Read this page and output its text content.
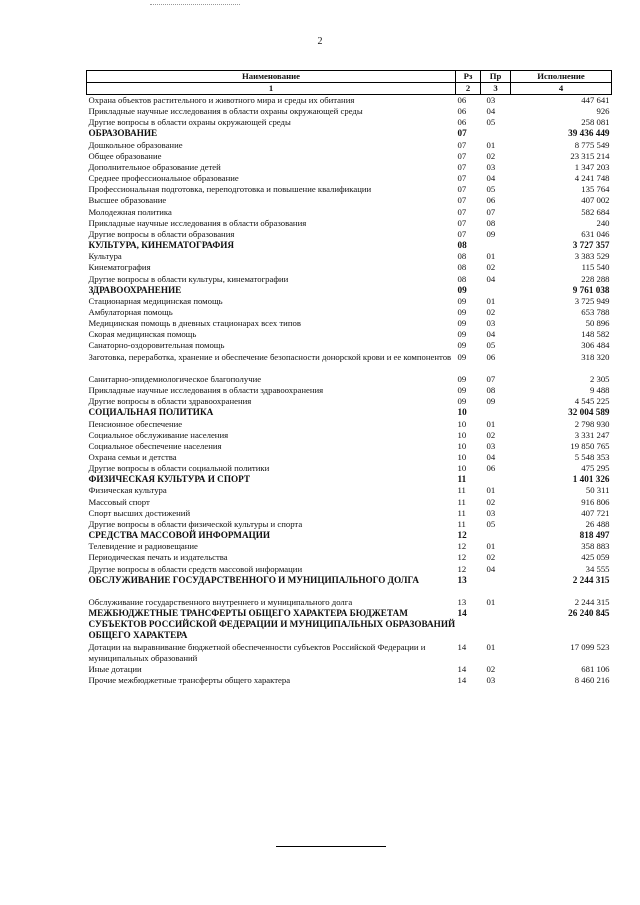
2
Наименование	Рз	Пр	Исполнение
1	2	3	4
Охрана объектов растительного и животного мира и среды их обитания	06	03	447 641
Прикладные научные исследования в области охраны окружающей среды	06	04	926
Другие вопросы в области охраны окружающей среды	06	05	258 081
ОБРАЗОВАНИЕ	07		39 436 449
Дошкольное образование	07	01	8 775 549
Общее образование	07	02	23 315 214
Дополнительное образование детей	07	03	1 347 203
Среднее профессиональное образование	07	04	4 241 748
Профессиональная подготовка, переподготовка и повышение квалификации	07	05	135 764
Высшее образование	07	06	407 002
Молодежная политика	07	07	582 684
Прикладные научные исследования в области образования	07	08	240
Другие вопросы в области образования	07	09	631 046
КУЛЬТУРА, КИНЕМАТОГРАФИЯ	08		3 727 357
Культура	08	01	3 383 529
Кинематография	08	02	115 540
Другие вопросы в области культуры, кинематографии	08	04	228 288
ЗДРАВООХРАНЕНИЕ	09		9 761 038
Стационарная медицинская помощь	09	01	3 725 949
Амбулаторная помощь	09	02	653 788
Медицинская помощь в дневных стационарах всех типов	09	03	50 896
Скорая медицинская помощь	09	04	148 582
Санаторно-оздоровительная помощь	09	05	306 484
Заготовка, переработка, хранение и обеспечение безопасности донорской крови и ее компонентов	09	06	318 320
Санитарно-эпидемиологическое благополучие	09	07	2 305
Прикладные научные исследования в области здравоохранения	09	08	9 488
Другие вопросы в области здравоохранения	09	09	4 545 225
СОЦИАЛЬНАЯ ПОЛИТИКА	10		32 004 589
Пенсионное обеспечение	10	01	2 798 930
Социальное обслуживание населения	10	02	3 331 247
Социальное обеспечение населения	10	03	19 850 765
Охрана семьи и детства	10	04	5 548 353
Другие вопросы в области социальной политики	10	06	475 295
ФИЗИЧЕСКАЯ КУЛЬТУРА И СПОРТ	11		1 401 326
Физическая культура	11	01	50 311
Массовый спорт	11	02	916 806
Спорт высших достижений	11	03	407 721
Другие вопросы в области физической культуры и спорта	11	05	26 488
СРЕДСТВА МАССОВОЙ ИНФОРМАЦИИ	12		818 497
Телевидение и радиовещание	12	01	358 883
Периодическая печать и издательства	12	02	425 059
Другие вопросы в области средств массовой информации	12	04	34 555
ОБСЛУЖИВАНИЕ ГОСУДАРСТВЕННОГО И МУНИЦИПАЛЬНОГО ДОЛГА	13		2 244 315
Обслуживание государственного внутреннего и муниципального долга	13	01	2 244 315
МЕЖБЮДЖЕТНЫЕ ТРАНСФЕРТЫ ОБЩЕГО ХАРАКТЕРА БЮДЖЕТАМ СУБЪЕКТОВ РОССИЙСКОЙ ФЕДЕРАЦИИ И МУНИЦИПАЛЬНЫХ ОБРАЗОВАНИЙ ОБЩЕГО ХАРАКТЕРА	14		26 240 845
Дотации на выравнивание бюджетной обеспеченности субъектов Российской Федерации и муниципальных образований	14	01	17 099 523
Иные дотации	14	02	681 106
Прочие межбюджетные трансферты общего характера	14	03	8 460 216
